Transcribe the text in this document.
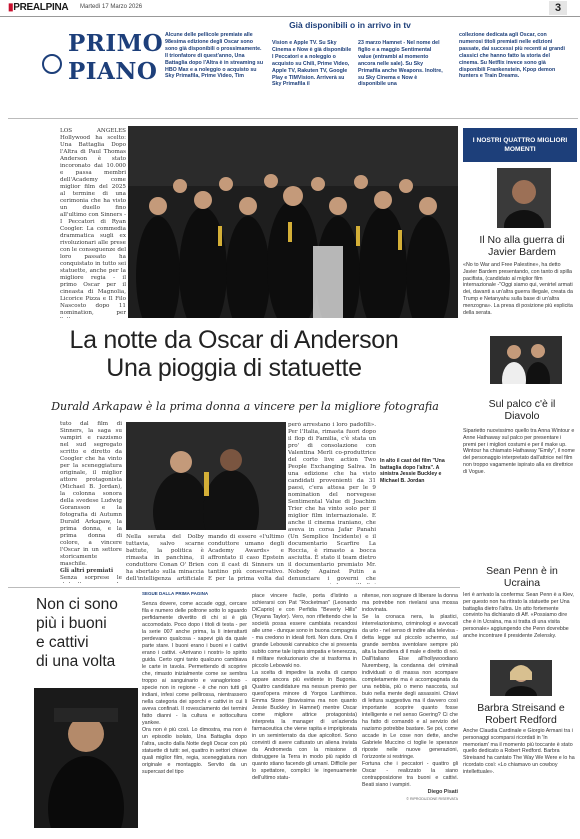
▮PREALPINA Martedì 17 Marzo 2026	3
PRIMO
PIANO
Alcune delle pellicole premiate alle 98esima edizione degli Oscar sono sono già disponibili o prossimamente. Il trionfatore di quest'anno, Una Battaglia dopo l'Altra è in streaming su HBO Max e a noleggio o acquisto su Sky Primafila, Prime Video, Tim
Già disponibili o in arrivo in tv
Vision e Apple TV. Su Sky Cinema e Now è già disponibile I Peccatori e a noleggio o acquisto su Chili, Prime Video, Apple TV, Rakuten TV, Google Play e TIMVision. Arriverà su Sky Primafila il
23 marzo Hamnet - Nel nome del figlio e a maggio Sentimental value (entrambi al momento ancora nelle sale). Su Sky Primafila anche Weapons. Inoltre, su Sky Cinema e Now è disponibile una
collezione dedicata agli Oscar, con numerosi titoli premiati nelle edizioni passate, dai successi più recenti ai grandi classici che hanno fatto la storia del cinema. Su Netflix invece sono già disponibili Frankenstein, Kpop demon hunters e Train Dreams.
LOS ANGELES Hollywood ha scelto: Una Battaglia Dopo l'Altra di Paul Thomas Anderson è stato incoronato dai 10.000 e passa membri dell'Academy come miglior film del 2025 al termine di una cerimonia che ha visto un duello fino all'ultimo con Sinners - I Peccatori di Ryan Coogler. La commedia drammatica sugli ex rivoluzionari alle prese con le conseguenze del loro passato ha conquistato in tutto sei statuette, anche per la migliore regia - il primo Oscar per il cineasta di Magnolia, Licorice Pizza e Il Filo Nascosto dopo 11 nomination, per
La notte da Oscar di Anderson
Una pioggia di statuette
Durald Arkapaw è la prima donna a vincere per la migliore fotografia
tuto dal film di Sinners, la saga su vampiri e razzismo nel sud segregato scritto e diretto da Coogler che ha vinto per la sceneggiatura originale, il miglior attore protagonista (Michael B. Jordan), la colonna sonora della svedese Ludwig Goransson e la fotografia di Autumn Durald Arkapaw, la prima donna, e la prima donna di colore, a vincere l'Oscar in un settore storicamente maschile.
Gli altri premiati
Senza sorprese le
Nella serata del Dolby tuttavia, salvo scarne battute, la politica è rimasta in panchina, il conduttore Conan O' Brien ha sbertato sulla minaccia dell'intelligenza artificiale
mando di essere «l'ultimo conduttore umano degli Academy Awards» e affrontato il caso Epstein con il cast di Sinners un tantino più conservativo. E per la prima volta dal
però arrestano i loro padofili». Per l'Italia, rimasta fuori dopo il flop di Familia, c'è stata un pro' di consolazione con Valentina Merli co-produttrice del corto live action Two People Exchanging Saliva. In una edizione che ha visto candidati provenienti da 31 paesi, c'era attesa per le 9 nomination del norvegese Sentimental Value di Joachim Trier che ha vinto solo per il miglior film internazionale. E anche il cinema iraniano, che aveva in corsa Jafar Panahi (Un Semplice Incidente) e il documentario Scarfire La Roccia, è rimasto a bocca asciutta. È stato il team dietro il documentario premiato Mr. Nobody Against Putin a denunciare i governi che
In alto il cast del film "Una battaglia dopo l'altra". A sinistra Jessie Buckley e Michael B. Jordan
Non ci sono
più i buoni
e cattivi
di una volta
SEGUE DALLA PRIMA PAGINA
Senza dovere, come accade oggi, cercare fila e numero delle poltrone sotto lo sguardo perfidamente divertito di chi si è già accomodato. Poco dopo i titoli di testa - per la serie 007 anche prima, la li interattarti perdevano qualcosa - sapevi già da quale parte stare. I buoni erano i buoni e i cattivi erano i cattivi. «Arrivano i nostri» lo spirito guida. Certo ogni tanto qualcuno cambiava le carte in tavola. Permettendo di scoprire che, rimasto inizialmente come se sembra troppo ai sanguinario e vanaglorioso - specie non in regione - è che non tutti gli indiani, infesi come pellirossa, nientrassero nella categoria dei sporchi e cattivi in cui li aveva confinati. Il rovesciamento dei termini fatto dianni - la cultura e sottocultura yankee.
Ora non è più così. Lo dimostra, ma non è un episodio isolato, Una Battaglia dopo l'altra, uscito dalla Notte degli Oscar con più statuette di tutti: sei, quattro in settori chiave quali miglior film, regia, sceneggiatura non originale e montaggio. Servito da un supercast del tipo
piace vincere facile, porta d'istinto a schierarsi con Pat "Rocketman" (Leonardo DiCaprio) e con Perfidia "Beverly Hills" (Teyana Taylor). Vero, non riflettendo che la società possa essere cambiata recandosi alle urne - dunque sono in buona compagnia - ma credono in ideali forti. Non dura. Ora il grande Lebowski cannabico che si presenta subito come tale ispira simpatia e tenerezza, il militare rivoluzionario che si trasforma in piccolo Lebowski no.
La scelta di impedire la svolta di campo appare ancora più evidente in Bugonia. Quattro candidature ma nessun premio per quest'opera minore di Yorgos Lanthimos. Emma Stone (bravissima ma non quanto Jessie Buckley in Hamnet) mentre Oscar come migliore attrice protagonista) interpreta la manager di un'azienda farmaceutica che viene rapita e imprigionata in un seminterrato da due apicoltori. Sono convinti di avere catturato un aliena inviata da Andromeda con la missione di distruggere la Terra in modo più rapido di quanto stiano facendo gli umani. Difficile per lo spettatore, complici le ingenuamente dell'ultimo statu-
nitense, non sognare di liberare la donna ma potrebbe non rivelarsi una mossa indovinata.
Se la cronaca nera, la plastici, interrelazionismo, criminologi e avvocati da urlo - nel senso di indire alla televisa - detta legge sul piccolo schermo, sul grande sembra sventolare sempre più alta la bandiera di il male e diretto di noi. Dall'Italiano Else all'hollywoodiano Nuremberg, la condanna dei criminali individuati o di massa non scompare completamente ma è accompagnata da una nebbia, più o meno nascosta, sul buio nella mente degli assassini. Chiavi di lettura suggestiva ma il davvero così importante scoprire quanto fosse intelligente e nel senso Goering? Ci che ha fatto di comandò e al servizio del nazismo potrebbe bastare. Se poi, come accade in Le cose non dette, anche Gabriele Muccino ci toglie le speranze riposte nelle nuove generazioni, l'orizzonte si restringe.
Fortuna che i peccatori - quattro gli Oscar - realizzato la siano contrapposizione tra buoni e cattivi. Beati siano i vampiri.
Diego Pisati
© RIPRODUZIONE RISERVATA
I NOSTRI QUATTRO MIGLIORI MOMENTI
Il No alla guerra di Javier Bardem
«No to War and Free Palestine», ha detto Javier Bardem presentando, con tanto di spilla pacifista, (candidato al miglior film internazionale -"Oggi siamo qui, venirtel armati dei, davanti a un'altra guerra illegale, creata da Trump e Netanyahu sulla base di un'altra menzogna». La presa di posizione più esplicita della serata.
Sul palco c'è il Diavolo
Siparietto nuovissimo quello tra Anna Wintour e Anne Hathaway sul palco per presentare i premi per i migliori costumi e per il make up. Wintour ha chiamato Hathaway "Emily", il nome del personaggio interpretato dall'attrice nel film non troppo vagamente ispirato alla ex direttrice di Vogue.
Sean Penn è in Ucraina
Ieri è arrivato la conferma: Sean Penn è a Kiev, per questo non ha ritirato la statuette per Una battaglia dietro l'altra. Un atto fortemente convinto ha dichiarato di Aff. «Possiamo dire che è in Ucraina, ma si tratta di una visita personale» aggiungendo che Penn dovrebbe anche incontrare il presidente Zelensky.
Barbra Streisand e Robert Redford
Anche Claudia Cardinale e Giorgio Armani tra i personaggi scomparsi ricordati in 'In memoriam' ma il momento più toccante è stato quello dedicato a Robert Redford. Barbra Streisand ha cantato The Way We Were e lo ha ricordato così: «Lo chiamavo un cowboy intellettuale».
